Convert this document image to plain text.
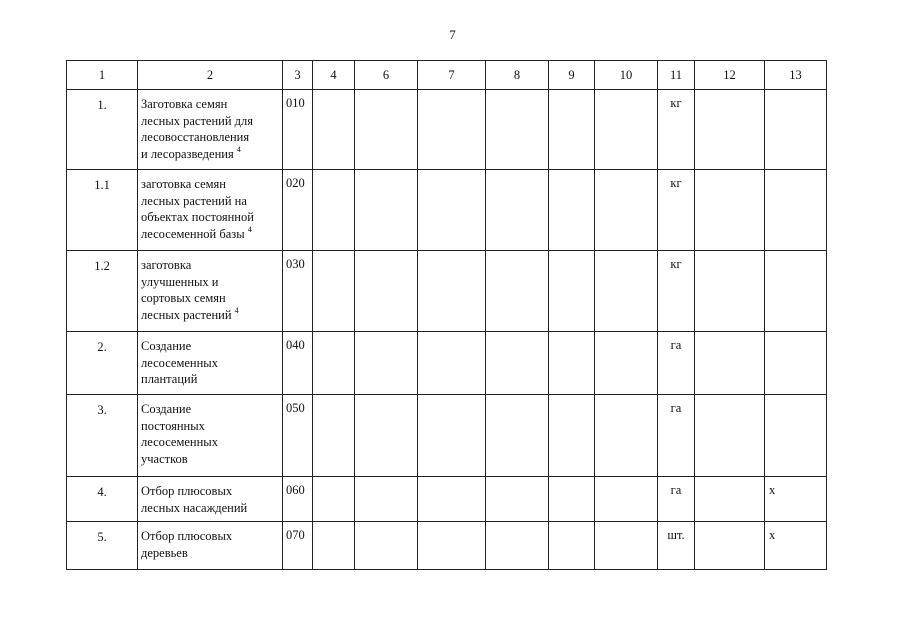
7
1	2	3	4	6	7	8	9	10	11	12	13
1.	Заготовка семян
лесных растений для
лесовосстановления
и лесоразведения $^4$	010							кг		
1.1	заготовка семян
лесных растений на
объектах постоянной
лесосеменной базы $^4$	020							кг		
1.2	заготовка
улучшенных и
сортовых семян
лесных растений $^4$	030							кг		
2.	Создание
лесосеменных
плантаций	040							га		
3.	Создание
постоянных
лесосеменных
участков	050							га		
4.	Отбор плюсовых
лесных насаждений	060							га		х
5.	Отбор плюсовых
деревьев	070							шт.		х
